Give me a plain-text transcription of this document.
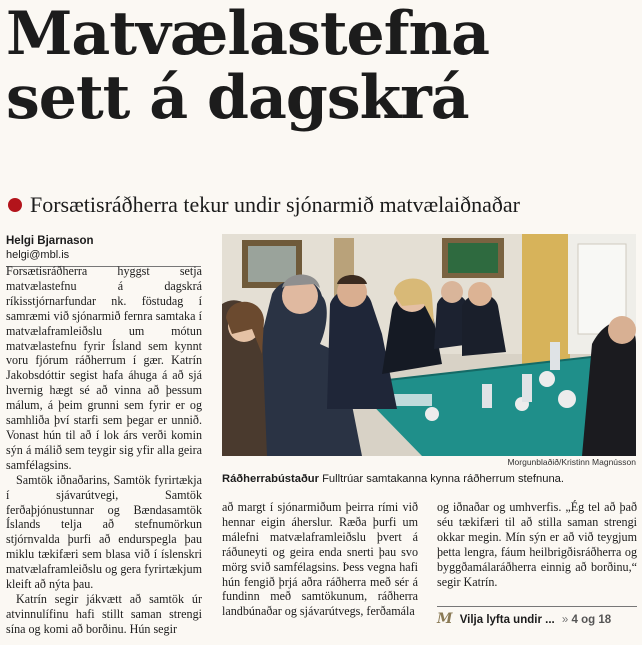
Matvælastefna
sett á dagskrá
Forsætisráðherra tekur undir sjónarmið matvælaiðnaðar
Helgi Bjarnason
helgi@mbl.is

Forsætisráðherra hyggst setja matvælastefnu á dagskrá ríkisstjórnarfundar nk. föstudag í samræmi við sjónarmið fernra samtaka í matvælaframleiðslu um mótun matvælastefnu fyrir Ísland sem kynnt voru fjórum ráðherrum í gær. Katrín Jakobsdóttir segist hafa áhuga á að sjá hvernig hægt sé að vinna að þessum málum, á þeim grunni sem fyrir er og samhliða því starfi sem þegar er unnið. Vonast hún til að í lok árs verði komin sýn á málið sem teygir sig yfir alla geira samfélagsins.

Samtök iðnaðarins, Samtök fyrirtækja í sjávarútvegi, Samtök ferðaþjónustunnar og Bændasamtök Íslands telja að stefnumörkun stjórnvalda þurfi að endurspegla þau miklu tækifæri sem blasa við í íslenskri matvælaframleiðslu og gera fyrirtækjum kleift að nýta þau.

Katrín segir jákvætt að samtök úr atvinnulífinu hafi stillt saman strengi sína og komi að borðinu. Hún segir

Morgunblaðið/Kristinn Magnússon
Ráðherrabústaður Fulltrúar samtakanna kynna ráðherrum stefnuna.

að margt í sjónarmiðum þeirra rími við hennar eigin áherslur. Ræða þurfi um málefni matvælaframleiðslu þvert á ráðuneyti og geira enda snerti þau svo mörg svið samfélagsins. Þess vegna hafi hún fengið þrjá aðra ráðherra með sér á fundinn með samtökunum, ráðherra landbúnaðar og sjávarútvegs, ferðamála

og iðnaðar og umhverfis. „Ég tel að það séu tækifæri til að stilla saman strengi okkar megin. Mín sýn er að við teygjum þetta lengra, fáum heilbrigðisráðherra og byggðamálaráðherra einnig að borðinu,“ segir Katrín.

M Vilja lyfta undir ... » 4 og 18
